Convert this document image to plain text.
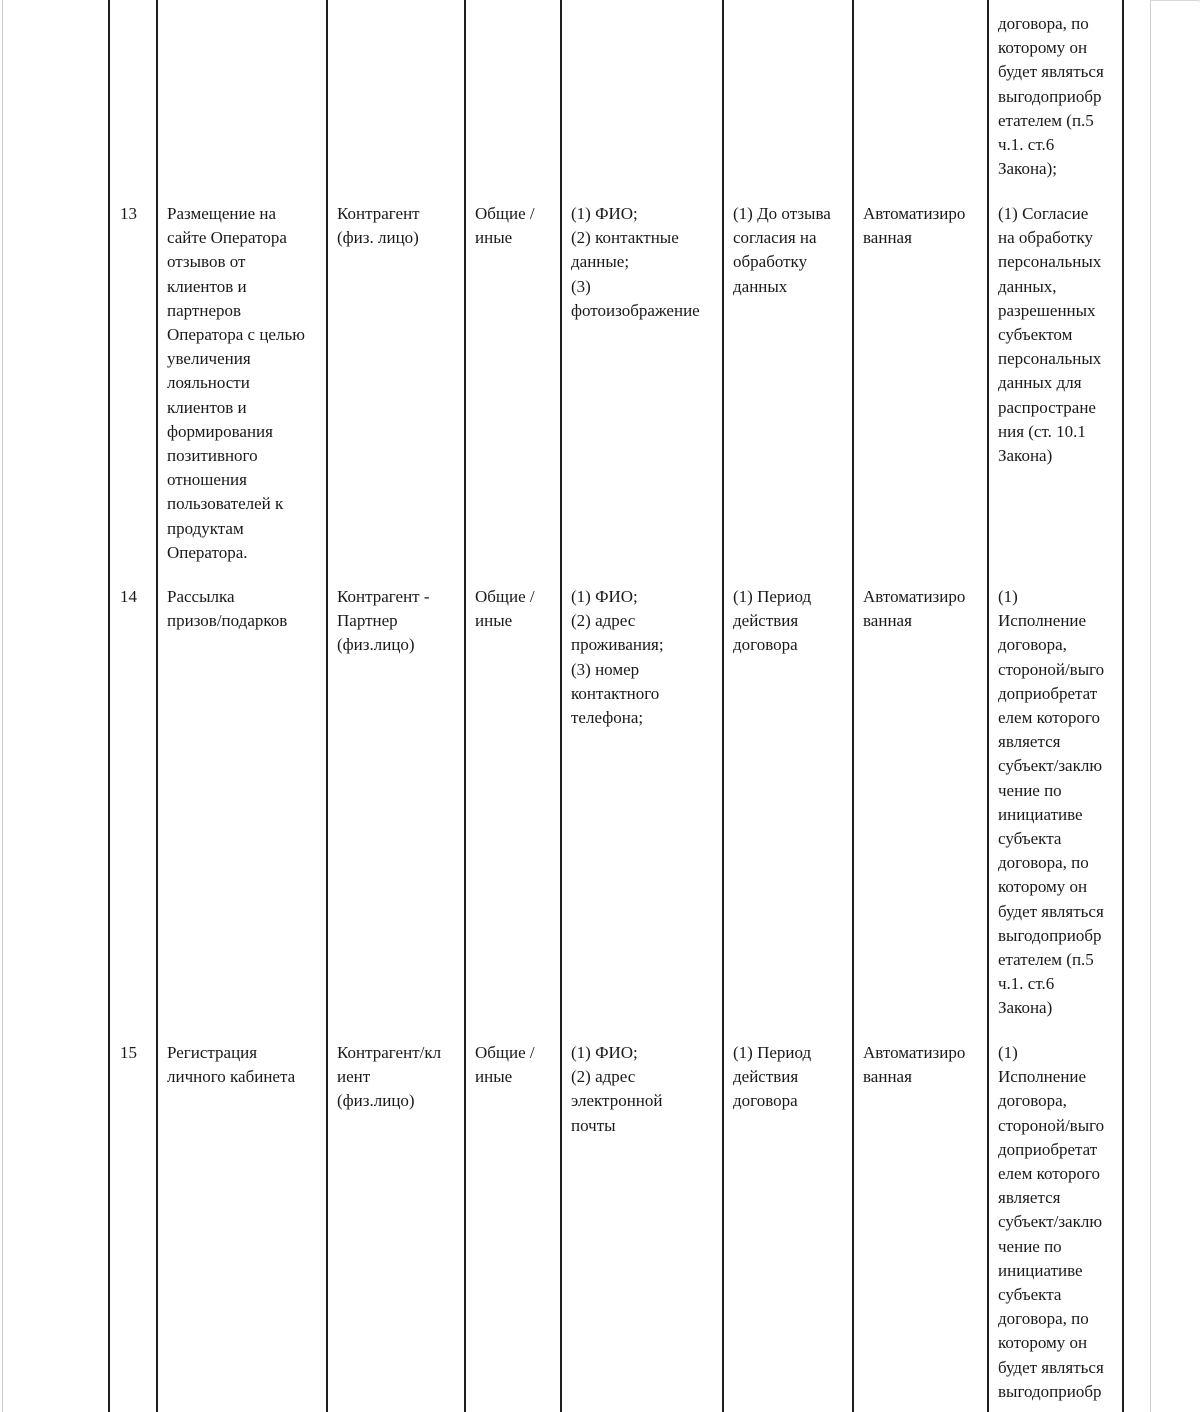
договора, по
которому он
будет являться
выгодоприобр
етателем (п.5
ч.1. ст.6
Закона);
13 Размещение на
сайте Оператора
отзывов от
клиентов и
партнеров
Оператора с целью
увеличения
лояльности
клиентов и
формирования
позитивного
отношения
пользователей к
продуктам
Оператора.
Контрагент
(физ. лицо)
Общие /
иные
(1) ФИО;
(2) контактные
данные;
(3)
фотоизображение
(1) До отзыва
согласия на
обработку
данных
Автоматизиро
ванная
(1) Согласие
на обработку
персональных
данных,
разрешенных
субъектом
персональных
данных для
распростране
ния (ст. 10.1
Закона)
14 Рассылка
призов/подарков
Контрагент -
Партнер
(физ.лицо)
Общие /
иные
(1) ФИО;
(2) адрес
проживания;
(3) номер
контактного
телефона;
(1) Период
действия
договора
Автоматизиро
ванная
(1)
Исполнение
договора,
стороной/выго
доприобретат
елем которого
является
субъект/заклю
чение по
инициативе
субъекта
договора, по
которому он
будет являться
выгодоприобр
етателем (п.5
ч.1. ст.6
Закона)
15 Регистрация
личного кабинета
Контрагент/кл
иент
(физ.лицо)
Общие /
иные
(1) ФИО;
(2) адрес
электронной
почты
(1) Период
действия
договора
Автоматизиро
ванная
(1)
Исполнение
договора,
стороной/выго
доприобретат
елем которого
является
субъект/заклю
чение по
инициативе
субъекта
договора, по
которому он
будет являться
выгодоприобр
